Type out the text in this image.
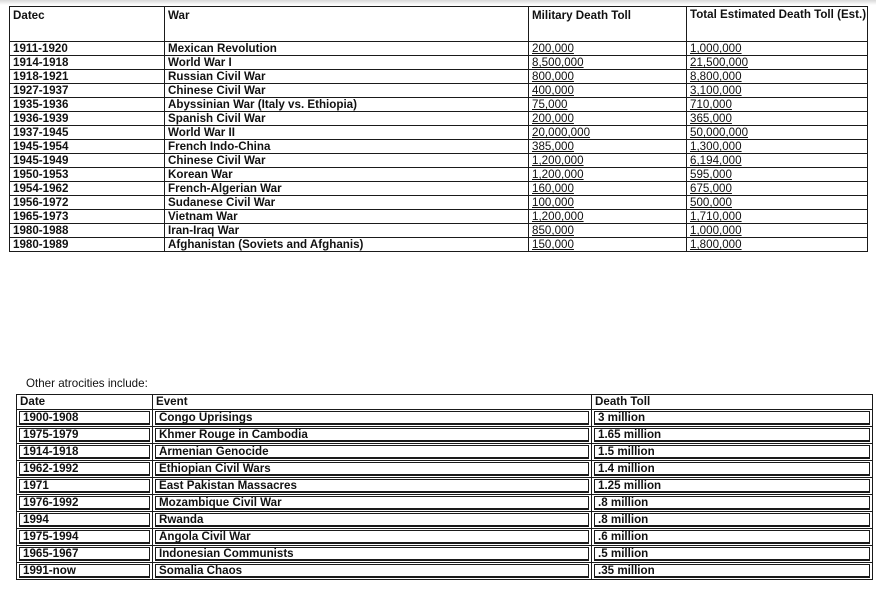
Datec	War	Military Death Toll	Total Estimated Death Toll (Est.)
1911-1920	Mexican Revolution	200,000	1,000,000
1914-1918	World War I	8,500,000	21,500,000
1918-1921	Russian Civil War	800,000	8,800,000
1927-1937	Chinese Civil War	400,000	3,100,000
1935-1936	Abyssinian War (Italy vs. Ethiopia)	75,000	710,000
1936-1939	Spanish Civil War	200,000	365,000
1937-1945	World War II	20,000,000	50,000,000
1945-1954	French Indo-China	385,000	1,300,000
1945-1949	Chinese Civil War	1,200,000	6,194,000
1950-1953	Korean War	1,200,000	595,000
1954-1962	French-Algerian War	160,000	675,000
1956-1972	Sudanese Civil War	100,000	500,000
1965-1973	Vietnam War	1,200,000	1,710,000
1980-1988	Iran-Iraq War	850,000	1,000,000
1980-1989	Afghanistan (Soviets and Afghanis)	150,000	1,800,000
Other atrocities include:
Date	Event	Death Toll

1900-1908	Congo Uprisings	3 million

1975-1979	Khmer Rouge in Cambodia	1.65 million

1914-1918	Armenian Genocide	1.5 million

1962-1992	Ethiopian Civil Wars	1.4 million

1971	East Pakistan Massacres	1.25 million

1976-1992	Mozambique Civil War	.8 million

1994	Rwanda	.8 million

1975-1994	Angola Civil War	.6 million

1965-1967	Indonesian Communists	.5 million

1991-now	Somalia Chaos	.35 million
